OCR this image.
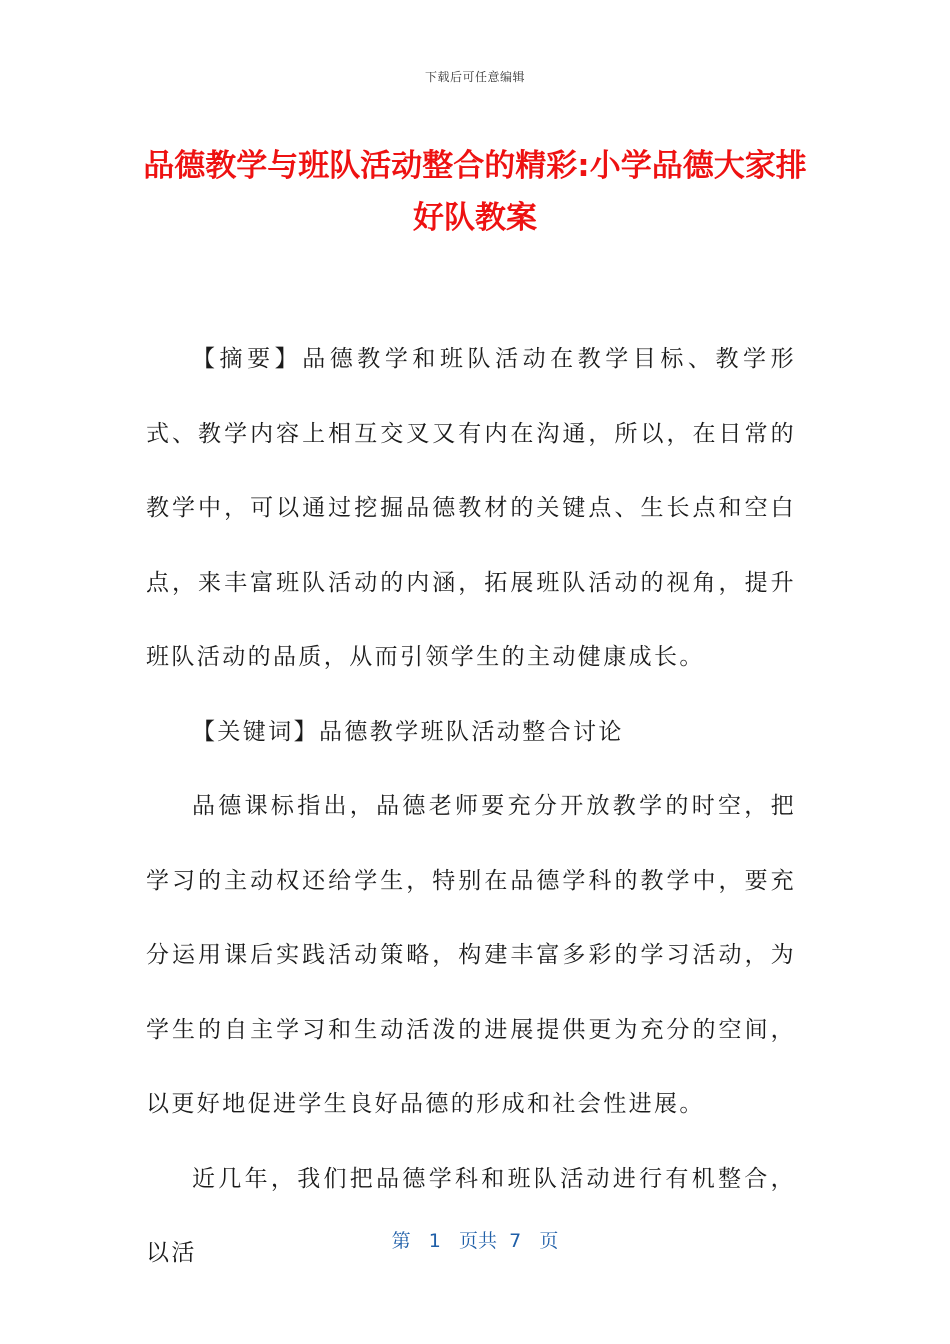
下载后可任意编辑
品德教学与班队活动整合的精彩:小学品德大家排好队教案

【摘要】品德教学和班队活动在教学目标、教学形式、教学内容上相互交叉又有内在沟通，所以，在日常的教学中，可以通过挖掘品德教材的关键点、生长点和空白点，来丰富班队活动的内涵，拓展班队活动的视角，提升班队活动的品质，从而引领学生的主动健康成长。

【关键词】品德教学班队活动整合讨论

品德课标指出，品德老师要充分开放教学的时空，把学习的主动权还给学生，特别在品德学科的教学中，要充分运用课后实践活动策略，构建丰富多彩的学习活动，为学生的自主学习和生动活泼的进展提供更为充分的空间，以更好地促进学生良好品德的形成和社会性进展。

近几年，我们把品德学科和班队活动进行有机整合，以活	第 1 页共 7 页
